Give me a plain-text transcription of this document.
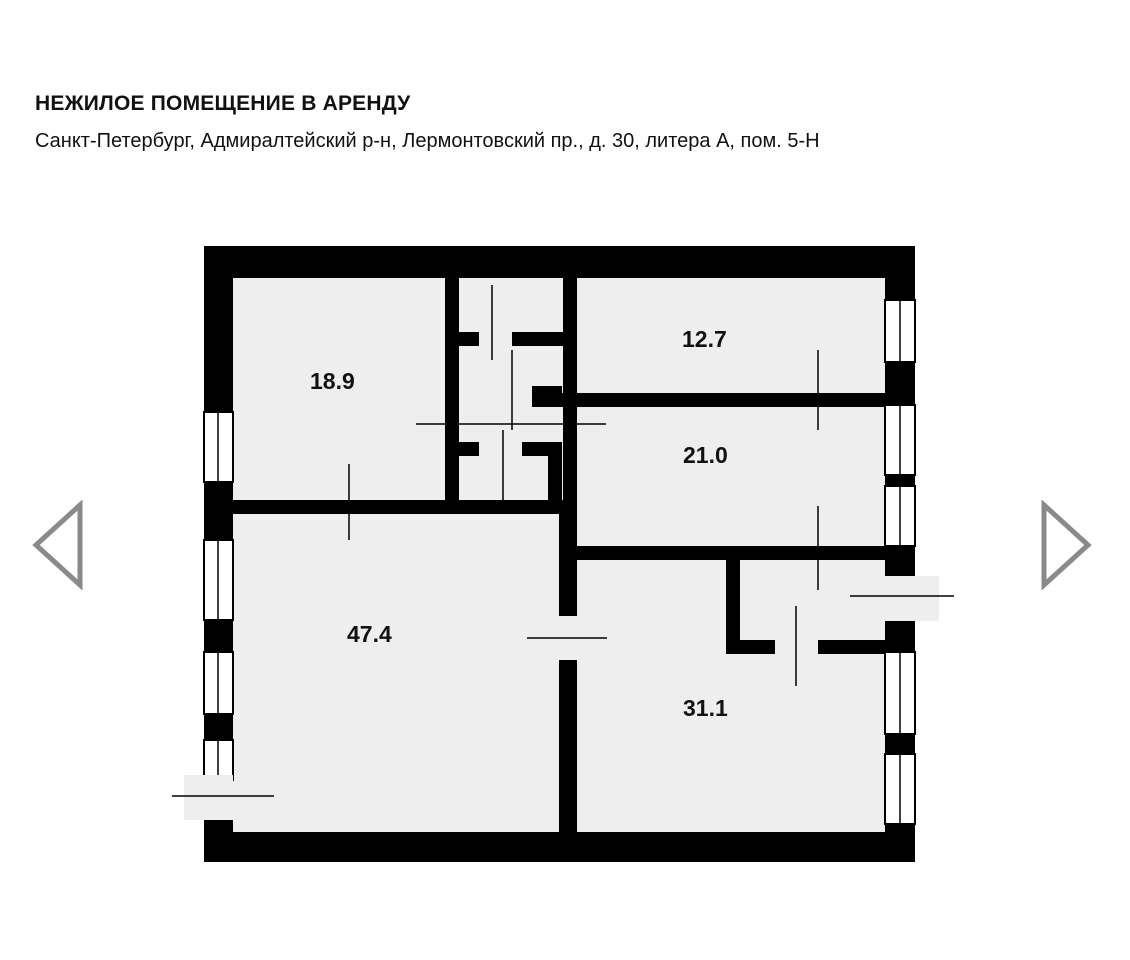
НЕЖИЛОЕ ПОМЕЩЕНИЕ В АРЕНДУ
Санкт-Петербург, Адмиралтейский р-н, Лермонтовский пр., д. 30, литера А, пом. 5-Н
18.9
12.7
21.0
47.4
31.1
